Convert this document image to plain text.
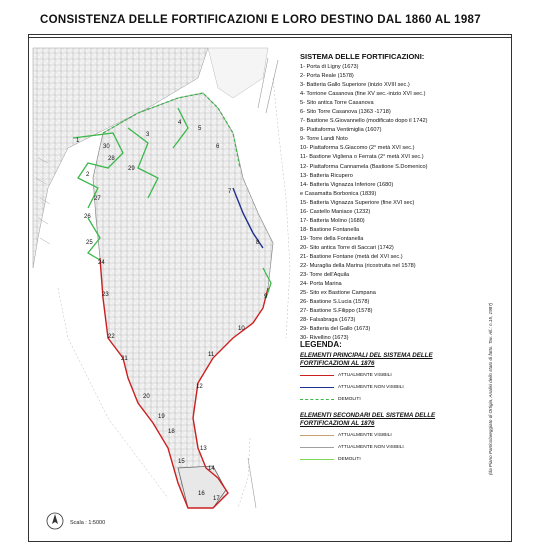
CONSISTENZA DELLE FORTIFICAZIONI E LORO DESTINO DAL 1860 AL 1987
1
2
3
4
5
6
7
8
9
10
11
12
13
14
15
16
17
18
19
20
21
22
23
24
25
26
27
28
29
30
SISTEMA DELLE FORTIFICAZIONI:
1- Porta di Ligny (1673)
2- Porta Reale (1578)
3- Batteria Gallo Superiore (inizio XVIII sec.)
4- Torrione Casanova (fine XV sec.-inizio XVI sec.)
5- Sito antica Torre Casanova
6- Sito Torre Casanova (1363 -1718)
7- Bastione S.Giovannello (modificato dopo il 1742)
8- Piattaforma Ventimiglia (1607)
9- Torre Landi Noto
10- Piattaforma S.Giacomo (2° metà XVI sec.)
11- Bastione Vigliena o Ferrata (2° metà XVI sec.)
12- Piattaforma Cannamela (Bastione S.Domenico)
13- Batteria Ricupero
14- Batteria Vignazza Inferiore (1680)
e Casamatta Borbonica (1839)
15- Batteria Vignazza Superiore (fine XVI sec)
16- Castello Maniace (1232)
17- Batteria Molino (1680)
18- Bastione Fontanella
19- Torre della Fontanella
20- Sito antica Torre di Saccari (1742)
21- Bastione Fontane (metà del XVI sec.)
22- Muraglia della Marina (ricostruita nel 1578)
23- Torre dell'Aquila
24- Porta Marina
25- Sito ex Bastione Campana
26- Bastione S.Lucia (1578)
27- Bastione S.Filippo (1578)
28- Falsabraga (1673)
29- Batteria del Gallo (1673)
30- Rivellino (1673)
LEGENDA:
ELEMENTI PRINCIPALI DEL SISTEMA DELLE FORTIFICAZIONI AL 1876
ATTUALMENTE VISIBILI
ATTUALMENTE NON VISIBILI
DEMOLITI
ELEMENTI SECONDARI DEL SISTEMA DELLE FORTIFICAZIONI AL 1876
ATTUALMENTE VISIBILI
ATTUALMENTE NON VISIBILI
DEMOLITI	(da Piano Particolareggiato di Ortigia, Analisi dello stato di fatto. Tav. All.: n.15, 1987)
Scala : 1:5000
